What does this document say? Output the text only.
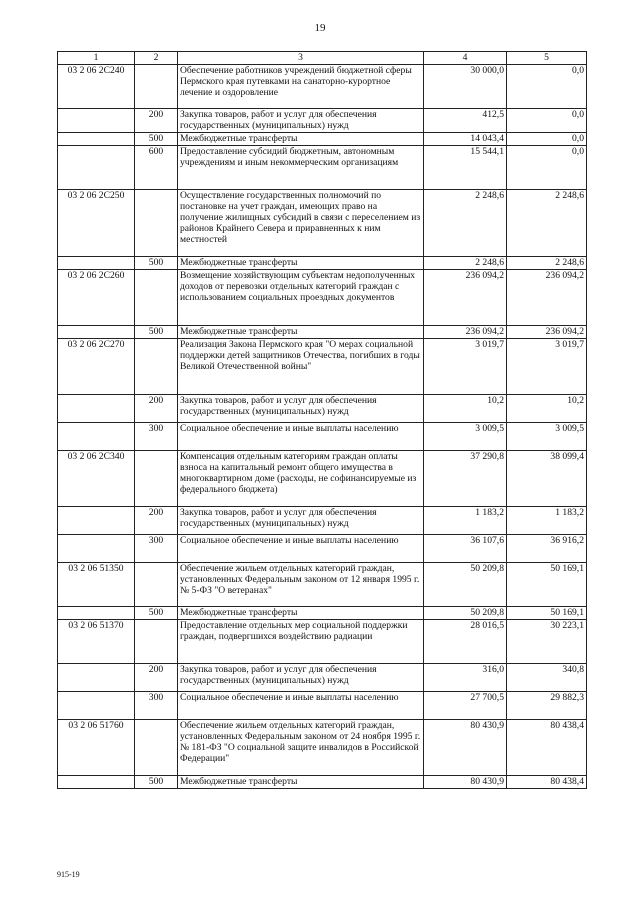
19
1	2	3	4	5
03 2 06 2С240		Обеспечение работников учреждений бюджетной сферы Пермского края путевками на санаторно-курортное лечение и оздоровление	30 000,0	0,0
	200	Закупка товаров, работ и услуг для обеспечения государственных (муниципальных) нужд	412,5	0,0
	500	Межбюджетные трансферты	14 043,4	0,0
	600	Предоставление субсидий бюджетным, автономным учреждениям и иным некоммерческим организациям	15 544,1	0,0
03 2 06 2С250		Осуществление государственных полномочий по постановке на учет граждан, имеющих право на получение жилищных субсидий в связи с переселением из районов Крайнего Севера и приравненных к ним местностей	2 248,6	2 248,6
	500	Межбюджетные трансферты	2 248,6	2 248,6
03 2 06 2С260		Возмещение хозяйствующим субъектам недополученных доходов от перевозки отдельных категорий граждан с использованием социальных проездных документов	236 094,2	236 094,2
	500	Межбюджетные трансферты	236 094,2	236 094,2
03 2 06 2С270		Реализация Закона Пермского края "О мерах социальной поддержки детей защитников Отечества, погибших в годы Великой Отечественной войны"	3 019,7	3 019,7
	200	Закупка товаров, работ и услуг для обеспечения государственных (муниципальных) нужд	10,2	10,2
	300	Социальное обеспечение и иные выплаты населению	3 009,5	3 009,5
03 2 06 2С340		Компенсация отдельным категориям граждан оплаты взноса на капитальный ремонт общего имущества в многоквартирном доме (расходы, не софинансируемые из федерального бюджета)	37 290,8	38 099,4
	200	Закупка товаров, работ и услуг для обеспечения государственных (муниципальных) нужд	1 183,2	1 183,2
	300	Социальное обеспечение и иные выплаты населению	36 107,6	36 916,2
03 2 06 51350		Обеспечение жильем отдельных категорий граждан, установленных Федеральным законом от 12 января 1995 г. № 5-ФЗ "О ветеранах"	50 209,8	50 169,1
	500	Межбюджетные трансферты	50 209,8	50 169,1
03 2 06 51370		Предоставление отдельных мер социальной поддержки граждан, подвергшихся воздействию радиации	28 016,5	30 223,1
	200	Закупка товаров, работ и услуг для обеспечения государственных (муниципальных) нужд	316,0	340,8
	300	Социальное обеспечение и иные выплаты населению	27 700,5	29 882,3
03 2 06 51760		Обеспечение жильем отдельных категорий граждан, установленных Федеральным законом от 24 ноября 1995 г. № 181-ФЗ "О социальной защите инвалидов в Российской Федерации"	80 430,9	80 438,4
	500	Межбюджетные трансферты	80 430,9	80 438,4
915-19
